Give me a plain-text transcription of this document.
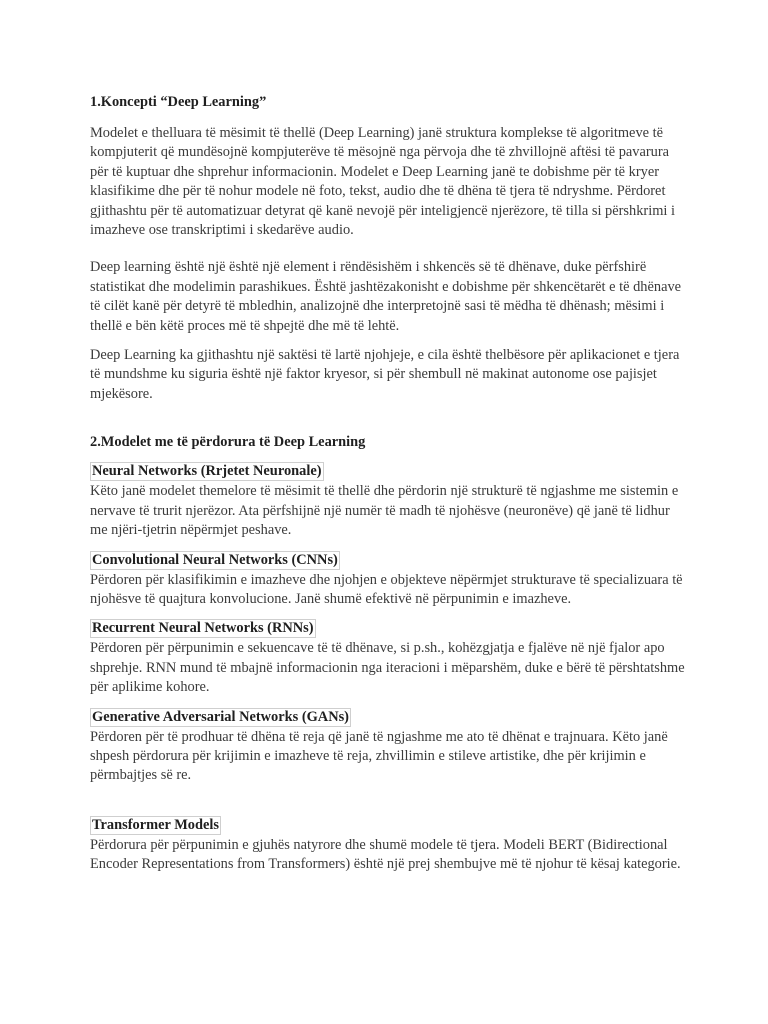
1.Koncepti “Deep Learning”

Modelet e thelluara të mësimit të thellë (Deep Learning) janë struktura komplekse të algoritmeve të kompjuterit që mundësojnë kompjuterëve të mësojnë nga përvoja dhe të zhvillojnë aftësi të pavarura për të kuptuar dhe shprehur informacionin. Modelet e Deep Learning janë te dobishme për të kryer klasifikime dhe për të nohur modele në foto, tekst, audio dhe të dhëna të tjera të ndryshme. Përdoret gjithashtu për të automatizuar detyrat që kanë nevojë për inteligjencë njerëzore, të tilla si përshkrimi i imazheve ose transkriptimi i skedarëve audio.

Deep learning është një është një element i rëndësishëm i shkencës së të dhënave, duke përfshirë statistikat dhe modelimin parashikues. Është jashtëzakonisht e dobishme për shkencëtarët e të dhënave të cilët kanë për detyrë të mbledhin, analizojnë dhe interpretojnë sasi të mëdha të dhënash; mësimi i thellë e bën këtë proces më të shpejtë dhe më të lehtë.

Deep Learning ka gjithashtu një saktësi të lartë njohjeje, e cila është thelbësore për aplikacionet e tjera të mundshme ku siguria është një faktor kryesor, si për shembull në makinat autonome ose pajisjet mjekësore.

2.Modelet me të përdorura të Deep Learning
Neural Networks (Rrjetet Neuronale)

Këto janë modelet themelore të mësimit të thellë dhe përdorin një strukturë të ngjashme me sistemin e nervave të trurit njerëzor. Ata përfshijnë një numër të madh të njohësve (neuronëve) që janë të lidhur me njëri-tjetrin nëpërmjet peshave.

Convolutional Neural Networks (CNNs)

Përdoren për klasifikimin e imazheve dhe njohjen e objekteve nëpërmjet strukturave të specializuara të njohësve të quajtura konvolucione. Janë shumë efektivë në përpunimin e imazheve.

Recurrent Neural Networks (RNNs)

Përdoren për përpunimin e sekuencave të të dhënave, si p.sh., kohëzgjatja e fjalëve në një fjalor apo shprehje. RNN mund të mbajnë informacionin nga iteracioni i mëparshëm, duke e bërë të përshtatshme për aplikime kohore.

Generative Adversarial Networks (GANs)

Përdoren për të prodhuar të dhëna të reja që janë të ngjashme me ato të dhënat e trajnuara. Këto janë shpesh përdorura për krijimin e imazheve të reja, zhvillimin e stileve artistike, dhe për krijimin e përmbajtjes së re.

Transformer Models

Përdorura për përpunimin e gjuhës natyrore dhe shumë modele të tjera. Modeli BERT (Bidirectional Encoder Representations from Transformers) është një prej shembujve më të njohur të kësaj kategorie.
